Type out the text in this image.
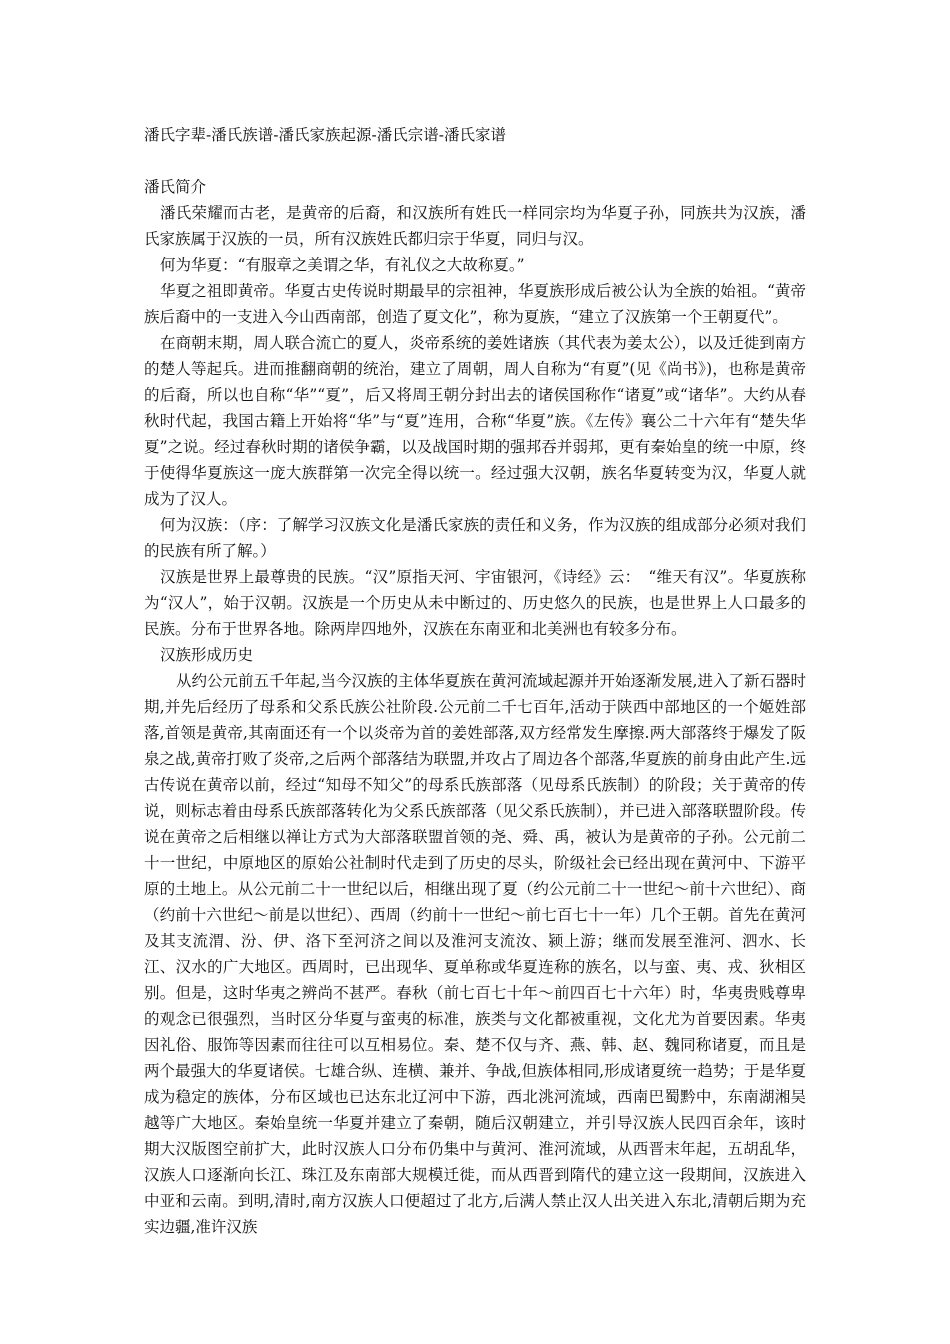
潘氏字辈-潘氏族谱-潘氏家族起源-潘氏宗谱-潘氏家谱

潘氏简介

潘氏荣耀而古老，是黄帝的后裔，和汉族所有姓氏一样同宗均为华夏子孙，同族共为汉族，潘氏家族属于汉族的一员，所有汉族姓氏都归宗于华夏，同归与汉。

何为华夏：“有服章之美谓之华，有礼仪之大故称夏。”

华夏之祖即黄帝。华夏古史传说时期最早的宗祖神，华夏族形成后被公认为全族的始祖。“黄帝族后裔中的一支进入今山西南部，创造了夏文化”，称为夏族，“建立了汉族第一个王朝夏代”。

在商朝末期，周人联合流亡的夏人，炎帝系统的姜姓诸族（其代表为姜太公），以及迁徙到南方的楚人等起兵。进而推翻商朝的统治，建立了周朝，周人自称为“有夏”(见《尚书》)，也称是黄帝的后裔，所以也自称“华”“夏”，后又将周王朝分封出去的诸侯国称作“诸夏”或“诸华”。大约从春秋时代起，我国古籍上开始将“华”与“夏”连用，合称“华夏”族。《左传》襄公二十六年有“楚失华夏”之说。经过春秋时期的诸侯争霸，以及战国时期的强邦吞并弱邦，更有秦始皇的统一中原，终于使得华夏族这一庞大族群第一次完全得以统一。经过强大汉朝，族名华夏转变为汉，华夏人就成为了汉人。

何为汉族：（序：了解学习汉族文化是潘氏家族的责任和义务，作为汉族的组成部分必须对我们的民族有所了解。）

汉族是世界上最尊贵的民族。“汉”原指天河、宇宙银河，《诗经》云：　“维天有汉”。华夏族称为“汉人”，始于汉朝。汉族是一个历史从未中断过的、历史悠久的民族，也是世界上人口最多的民族。分布于世界各地。除两岸四地外，汉族在东南亚和北美洲也有较多分布。

汉族形成历史

从约公元前五千年起,当今汉族的主体华夏族在黄河流域起源并开始逐渐发展,进入了新石器时期,并先后经历了母系和父系氏族公社阶段.公元前二千七百年,活动于陕西中部地区的一个姬姓部落,首领是黄帝,其南面还有一个以炎帝为首的姜姓部落,双方经常发生摩擦.两大部落终于爆发了阪泉之战,黄帝打败了炎帝,之后两个部落结为联盟,并攻占了周边各个部落,华夏族的前身由此产生.远古传说在黄帝以前，经过“知母不知父”的母系氏族部落（见母系氏族制）的阶段；关于黄帝的传说，则标志着由母系氏族部落转化为父系氏族部落（见父系氏族制），并已进入部落联盟阶段。传说在黄帝之后相继以禅让方式为大部落联盟首领的尧、舜、禹，被认为是黄帝的子孙。公元前二十一世纪，中原地区的原始公社制时代走到了历史的尽头，阶级社会已经出现在黄河中、下游平原的土地上。从公元前二十一世纪以后，相继出现了夏（约公元前二十一世纪～前十六世纪）、商（约前十六世纪～前是以世纪）、西周（约前十一世纪～前七百七十一年）几个王朝。首先在黄河及其支流渭、汾、伊、洛下至河济之间以及淮河支流汝、颍上游；继而发展至淮河、泗水、长江、汉水的广大地区。西周时，已出现华、夏单称或华夏连称的族名，以与蛮、夷、戎、狄相区别。但是，这时华夷之辨尚不甚严。春秋（前七百七十年～前四百七十六年）时，华夷贵贱尊卑的观念已很强烈，当时区分华夏与蛮夷的标准，族类与文化都被重视，文化尤为首要因素。华夷因礼俗、服饰等因素而往往可以互相易位。秦、楚不仅与齐、燕、韩、赵、魏同称诸夏，而且是两个最强大的华夏诸侯。七雄合纵、连横、兼并、争战,但族体相同,形成诸夏统一趋势；于是华夏成为稳定的族体，分布区域也已达东北辽河中下游，西北洮河流域，西南巴蜀黔中，东南湖湘吴越等广大地区。秦始皇统一华夏并建立了秦朝，随后汉朝建立，并引导汉族人民四百余年，该时期大汉版图空前扩大，此时汉族人口分布仍集中与黄河、淮河流域，从西晋末年起，五胡乱华，汉族人口逐渐向长江、珠江及东南部大规模迁徙，而从西晋到隋代的建立这一段期间，汉族进入中亚和云南。到明,清时,南方汉族人口便超过了北方,后满人禁止汉人出关进入东北,清朝后期为充实边疆,准许汉族
